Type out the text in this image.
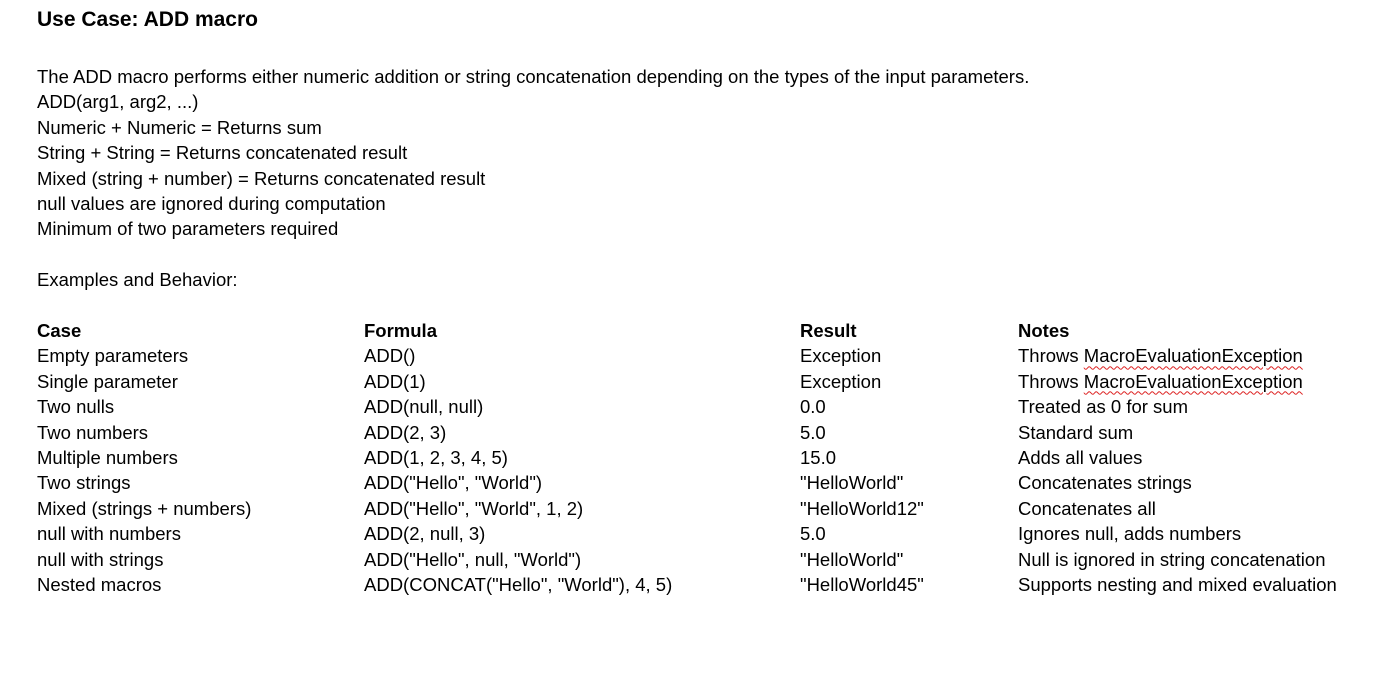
Use Case: ADD macro
The ADD macro performs either numeric addition or string concatenation depending on the types of the input parameters.
ADD(arg1, arg2, ...)
Numeric + Numeric = Returns sum
String + String = Returns concatenated result
Mixed (string + number) = Returns concatenated result
null values are ignored during computation
Minimum of two parameters required
Examples and Behavior:
Case	Formula	Result	Notes
Empty parameters	ADD()	Exception	Throws MacroEvaluationException
Single parameter	ADD(1)	Exception	Throws MacroEvaluationException
Two nulls	ADD(null, null)	0.0	Treated as 0 for sum
Two numbers	ADD(2, 3)	5.0	Standard sum
Multiple numbers	ADD(1, 2, 3, 4, 5)	15.0	Adds all values
Two strings	ADD("Hello", "World")	"HelloWorld"	Concatenates strings
Mixed (strings + numbers)	ADD("Hello", "World", 1, 2)	"HelloWorld12"	Concatenates all
null with numbers	ADD(2, null, 3)	5.0	Ignores null, adds numbers
null with strings	ADD("Hello", null, "World")	"HelloWorld"	Null is ignored in string concatenation
Nested macros	ADD(CONCAT("Hello", "World"), 4, 5)	"HelloWorld45"	Supports nesting and mixed evaluation
